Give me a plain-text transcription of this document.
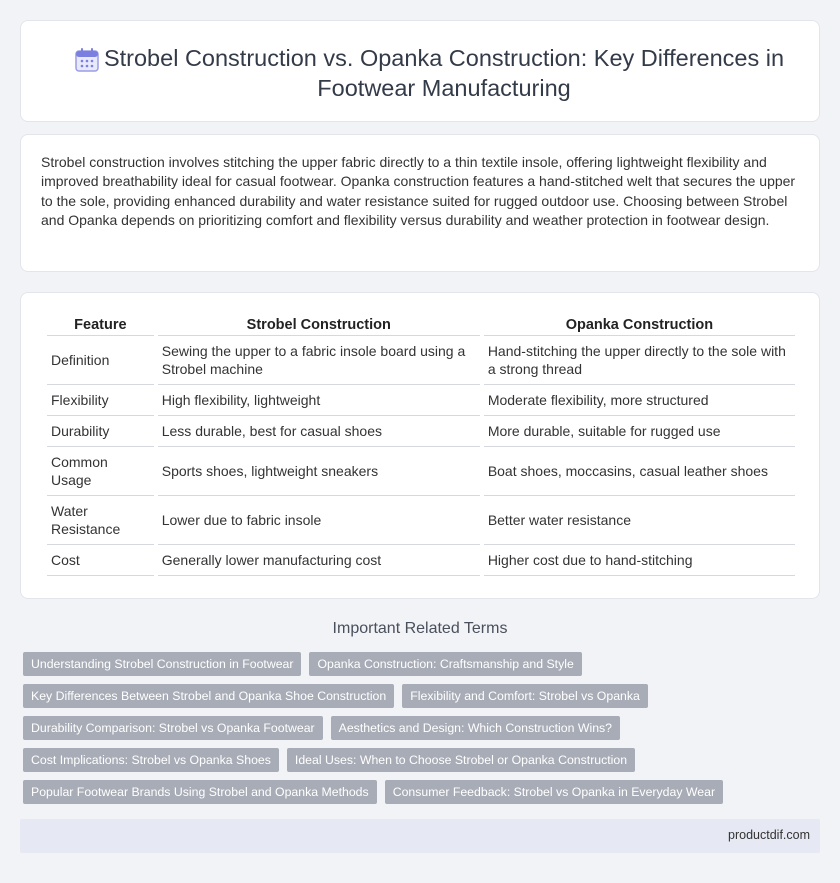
Strobel Construction vs. Opanka Construction: Key Differences in Footwear Manufacturing

Strobel construction involves stitching the upper fabric directly to a thin textile insole, offering lightweight flexibility and improved breathability ideal for casual footwear. Opanka construction features a hand-stitched welt that secures the upper to the sole, providing enhanced durability and water resistance suited for rugged outdoor use. Choosing between Strobel and Opanka depends on prioritizing comfort and flexibility versus durability and weather protection in footwear design.

Feature	Strobel Construction	Opanka Construction
Definition	Sewing the upper to a fabric insole board using a Strobel machine	Hand-stitching the upper directly to the sole with a strong thread
Flexibility	High flexibility, lightweight	Moderate flexibility, more structured
Durability	Less durable, best for casual shoes	More durable, suitable for rugged use
Common Usage	Sports shoes, lightweight sneakers	Boat shoes, moccasins, casual leather shoes
Water Resistance	Lower due to fabric insole	Better water resistance
Cost	Generally lower manufacturing cost	Higher cost due to hand-stitching
Important Related Terms
Understanding Strobel Construction in Footwear	Opanka Construction: Craftsmanship and Style
Key Differences Between Strobel and Opanka Shoe Construction	Flexibility and Comfort: Strobel vs Opanka
Durability Comparison: Strobel vs Opanka Footwear	Aesthetics and Design: Which Construction Wins?
Cost Implications: Strobel vs Opanka Shoes	Ideal Uses: When to Choose Strobel or Opanka Construction
Popular Footwear Brands Using Strobel and Opanka Methods	Consumer Feedback: Strobel vs Opanka in Everyday Wear
productdif.com
